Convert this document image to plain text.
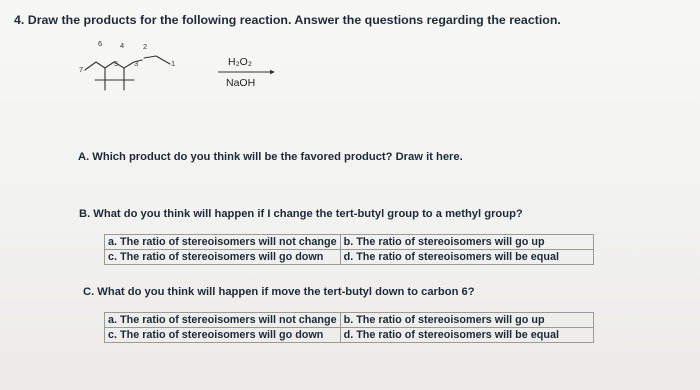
4. Draw the products for the following reaction. Answer the questions regarding the reaction.
6 4
3
2
5	1
7
H₂O₂
NaOH
A. Which product do you think will be the favored product? Draw it here.
B. What do you think will happen if I change the tert-butyl group to a methyl group?
a. The ratio of stereoisomers will not change	b. The ratio of stereoisomers will go up
c. The ratio of stereoisomers will go down	d. The ratio of stereoisomers will be equal
C. What do you think will happen if move the tert-butyl down to carbon 6?
a. The ratio of stereoisomers will not change	b. The ratio of stereoisomers will go up
c. The ratio of stereoisomers will go down	d. The ratio of stereoisomers will be equal
